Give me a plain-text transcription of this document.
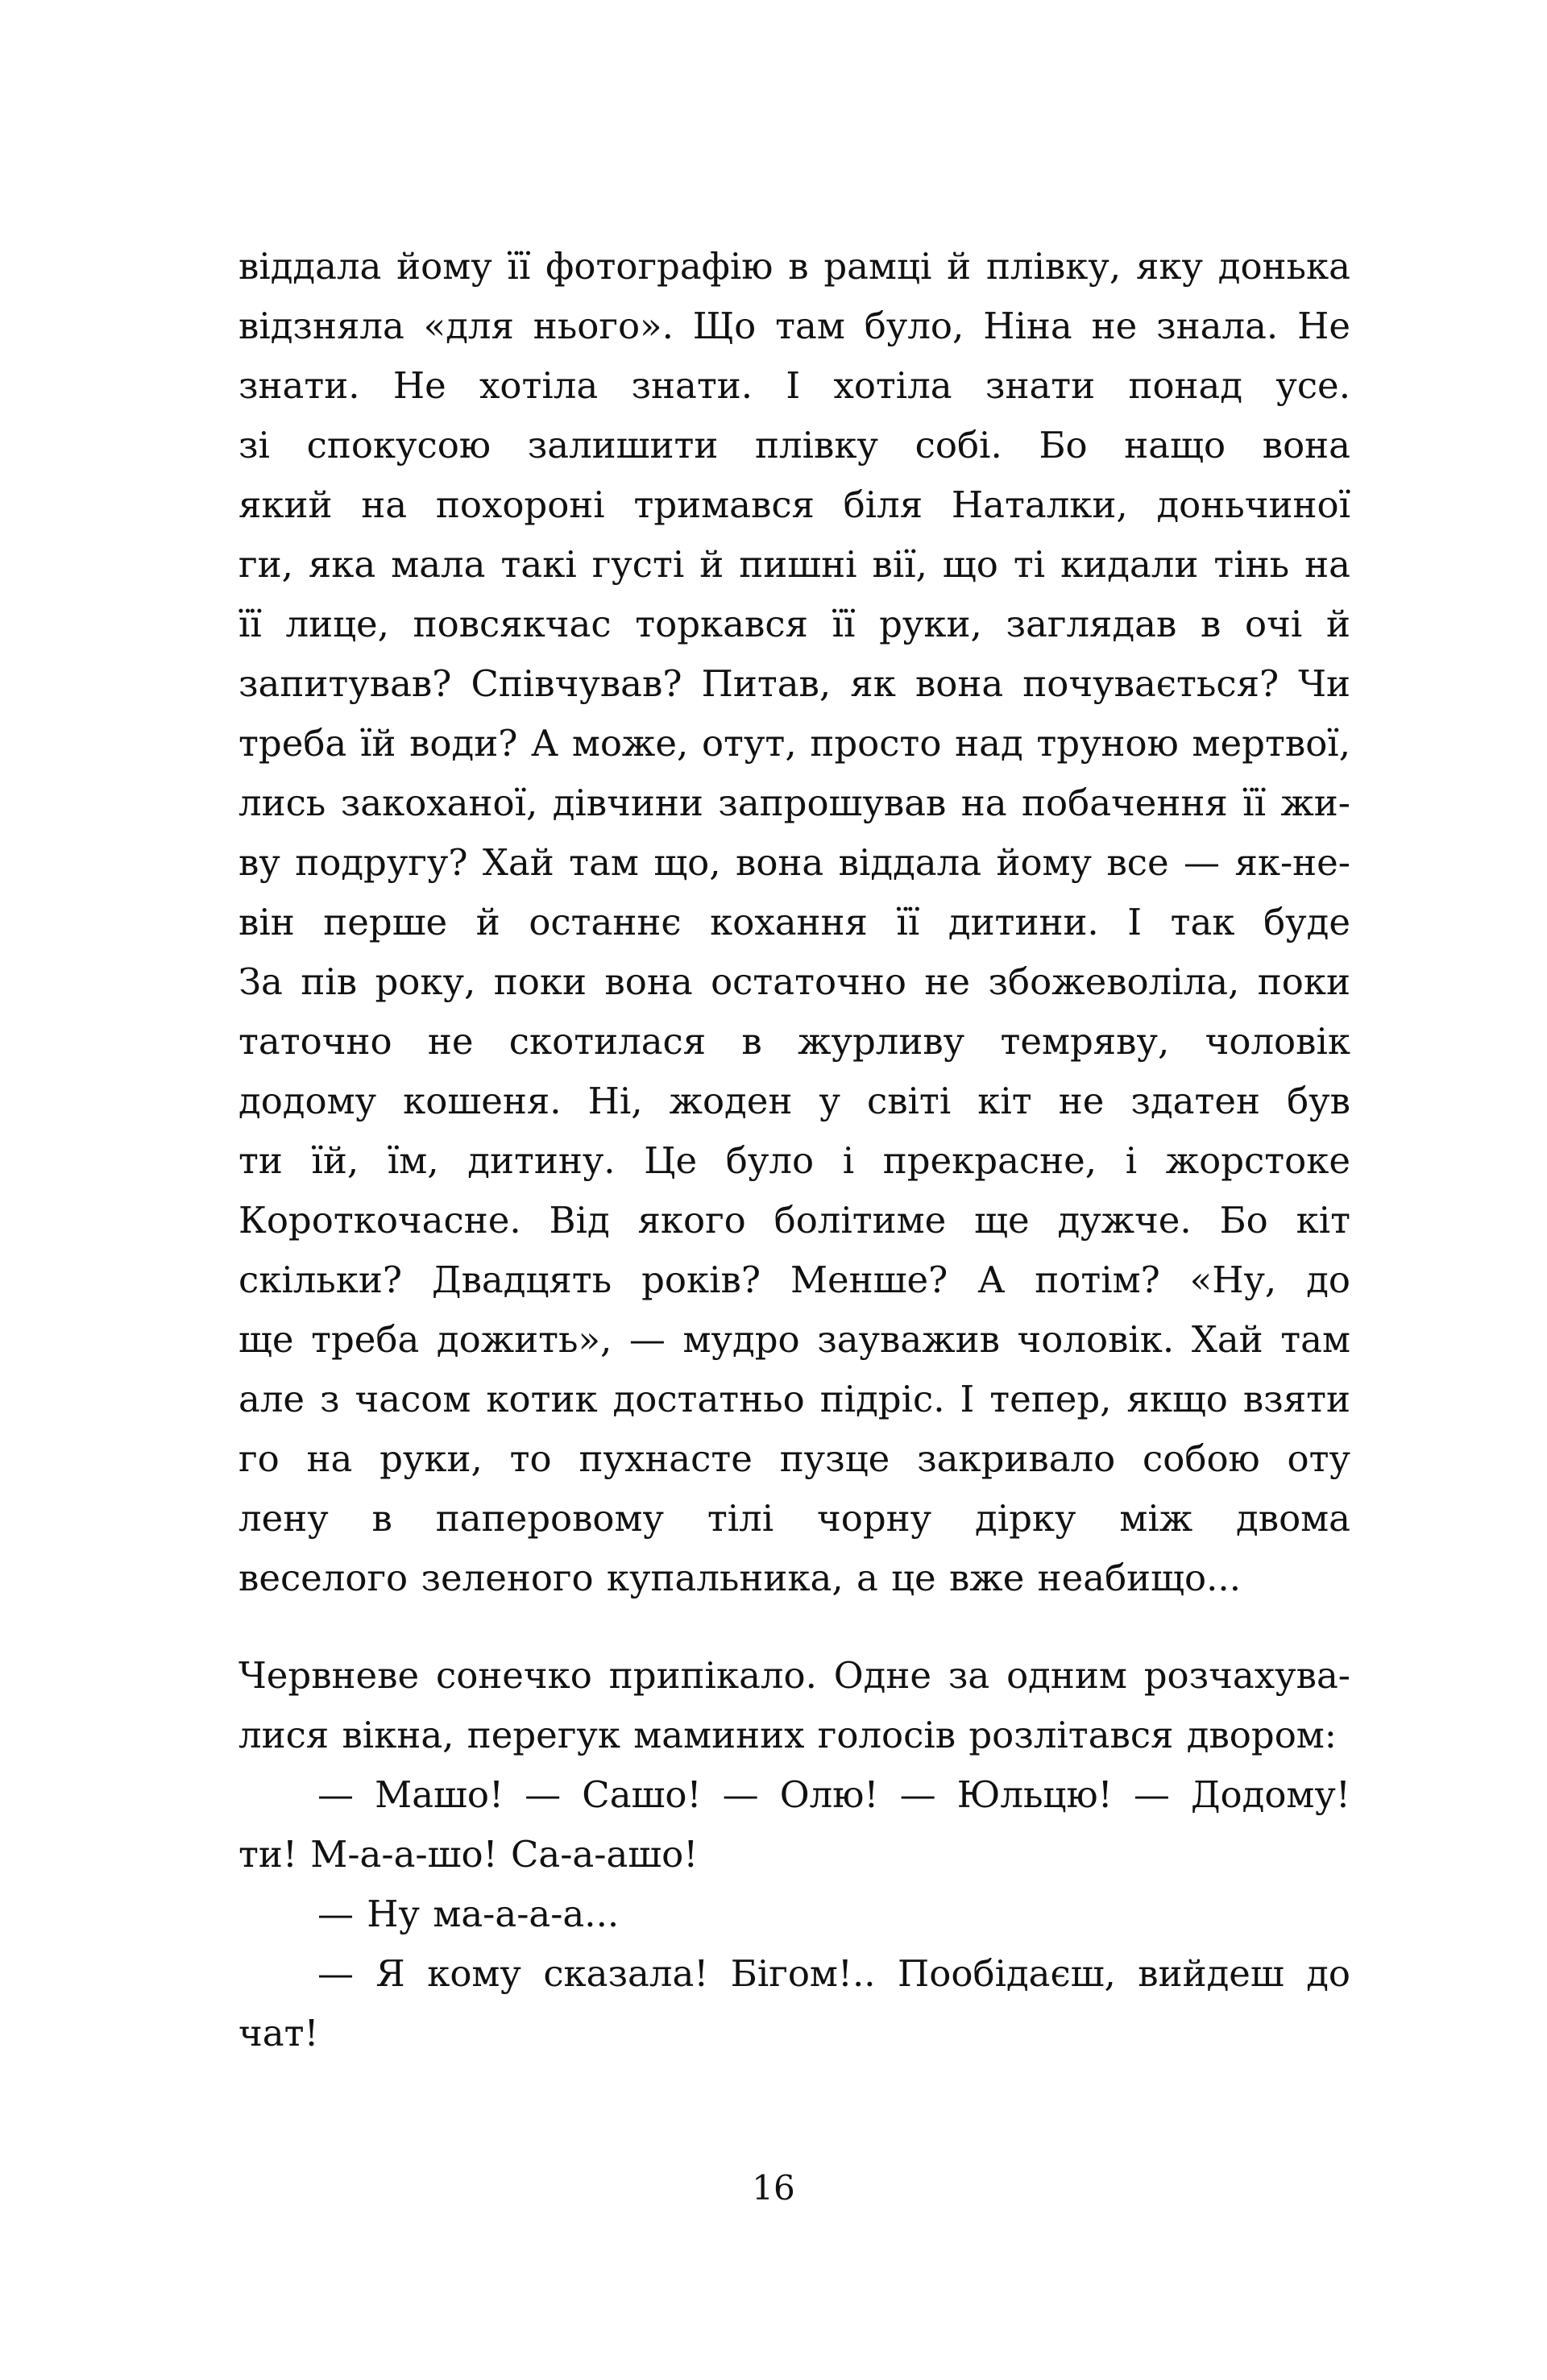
віддала йому її фотографію в рамці й плівку, яку донька
відзняла «для нього». Що там було, Ніна не знала. Не
знати. Не хотіла знати. І хотіла знати понад усе.
зі спокусою залишити плівку собі. Бо нащо вона
який на похороні тримався біля Наталки, доньчиної
ги, яка мала такі густі й пишні вії, що ті кидали тінь на
її лице, повсякчас торкався її руки, заглядав в очі й
запитував? Співчував? Питав, як вона почувається? Чи
треба їй води? А може, отут, просто над труною мертвої,
лись закоханої, дівчини запрошував на побачення її жи-
ву подругу? Хай там що, вона віддала йому все — як-не-
він перше й останнє кохання її дитини. І так буде
За пів року, поки вона остаточно не збожеволіла, поки
таточно не скотилася в журливу темряву, чоловік
додому кошеня. Ні, жоден у світі кіт не здатен був
ти їй, їм, дитину. Це було і прекрасне, і жорстоке
Короткочасне. Від якого болітиме ще дужче. Бо кіт
скільки? Двадцять років? Менше? А потім? «Ну, до
ще треба дожить», — мудро зауважив чоловік. Хай там
але з часом котик достатньо підріс. І тепер, якщо взяти
го на руки, то пухнасте пузце закривало собою оту
лену в паперовому тілі чорну дірку між двома
веселого зеленого купальника, а це вже неабищо...
Червневе сонечко припікало. Одне за одним розчахува-
лися вікна, перегук маминих голосів розлітався двором:
— Машо! — Сашо! — Олю! — Юльцю! — Додому!
ти! М-а-а-шо! Са-а-ашо!
— Ну ма-а-а-а...
— Я кому сказала! Бігом!.. Пообідаєш, вийдеш до
чат!
16
